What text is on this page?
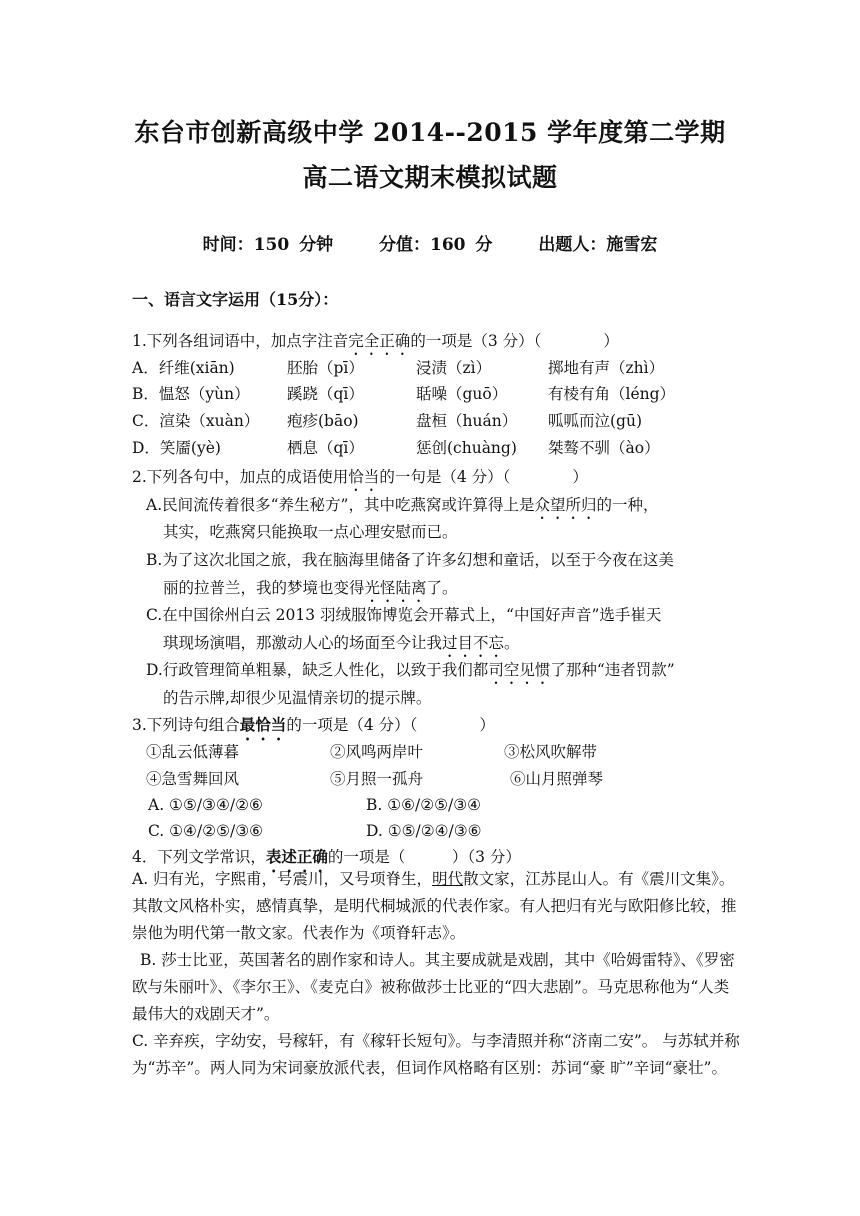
东台市创新高级中学 2014--2015 学年度第二学期
高二语文期末模拟试题
时间：150 分钟	分值：160 分	出题人：施雪宏
一、语言文字运用（15分）：
1.下列各组词语中，加点字注音完全正确的一项是（3 分）（　　　　）
A．纤维(xiān)	胚胎（pī）	浸渍（zì）	掷地有声（zhì）
B．愠怒（yùn） 蹊跷（qī）	聒噪（guō）	有棱有角（léng）
C．渲染（xuàn） 疱疹(bāo)	盘桓（huán） 呱呱而泣(gū)
D．笑靥(yè)	栖息（qī）	惩创(chuàng) 桀骜不驯（ào）
2.下列各句中，加点的成语使用恰当的一句是（4 分）（　　　　）
A.民间流传着很多“养生秘方”，其中吃燕窝或许算得上是众望所归的一种，
其实，吃燕窝只能换取一点心理安慰而已。
B.为了这次北国之旅，我在脑海里储备了许多幻想和童话，以至于今夜在这美
丽的拉普兰，我的梦境也变得光怪陆离了。
C.在中国徐州白云 2013 羽绒服饰博览会开幕式上，“中国好声音”选手崔天
琪现场演唱，那激动人心的场面至今让我过目不忘。
D.行政管理简单粗暴，缺乏人性化，以致于我们都司空见惯了那种“违者罚款”
的告示牌,却很少见温情亲切的提示牌。
3.下列诗句组合最恰当的一项是（4 分）（　　　　）
①乱云低薄暮	②风鸣两岸叶	③松风吹解带
④急雪舞回风	⑤月照一孤舟	⑥山月照弹琴
A. ①⑤/③④/②⑥	B. ①⑥/②⑤/③④
C. ①④/②⑤/③⑥	D. ①⑤/②④/③⑥
4．下列文学常识，表述正确的一项是（　　　）（3 分）
A. 归有光，字熙甫，号震川，又号项脊生，明代散文家，江苏昆山人。有《震川文集》。其散文风格朴实，感情真挚，是明代桐城派的代表作家。有人把归有光与欧阳修比较，推崇他为明代第一散文家。代表作为《项脊轩志》。
B. 莎士比亚，英国著名的剧作家和诗人。其主要成就是戏剧，其中《哈姆雷特》、《罗密欧与朱丽叶》、《李尔王》、《麦克白》被称做莎士比亚的“四大悲剧”。马克思称他为“人类最伟大的戏剧天才”。
C. 辛弃疾，字幼安，号稼轩，有《稼轩长短句》。与李清照并称“济南二安”。 与苏轼并称为“苏辛”。两人同为宋词豪放派代表，但词作风格略有区别：苏词“豪 旷”辛词“豪壮”。
